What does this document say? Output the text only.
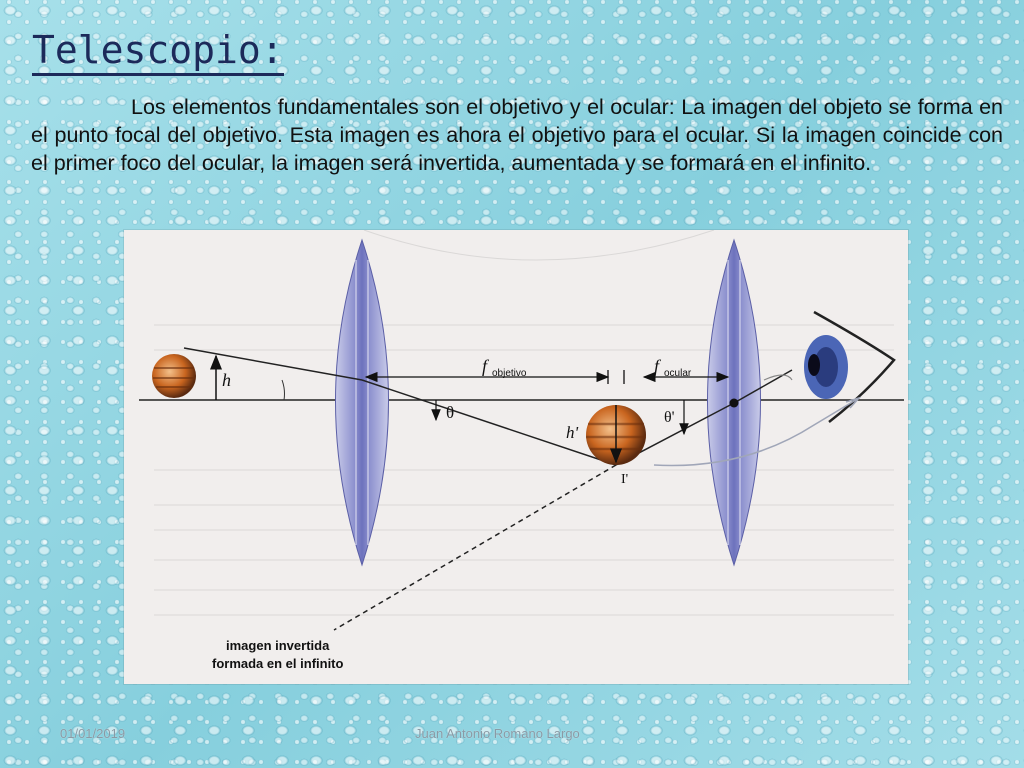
Telescopio:

Los elementos fundamentales son el objetivo y el ocular: La imagen del objeto se forma en el punto focal del objetivo. Esta imagen es ahora el objetivo para el ocular. Si la imagen coincide con el primer foco del ocular, la imagen será invertida, aumentada y se formará en el infinito.

f objetivo	f ocular
h
θ
h'
I'
θ'
imagen invertida
formada en el infinito
01/01/2019	Juan Antonio Romano Largo
